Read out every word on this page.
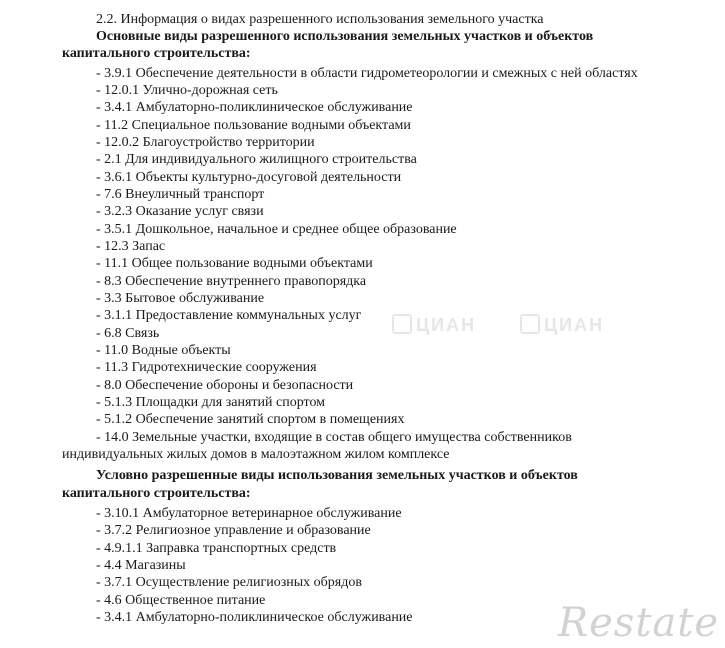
2.2. Информация о видах разрешенного использования земельного участка
Основные виды разрешенного использования земельных участков и объектов
капитального строительства:
- 3.9.1 Обеспечение деятельности в области гидрометеорологии и смежных с ней областях
- 12.0.1 Улично-дорожная сеть
- 3.4.1 Амбулаторно-поликлиническое обслуживание
- 11.2 Специальное пользование водными объектами
- 12.0.2 Благоустройство территории
- 2.1 Для индивидуального жилищного строительства
- 3.6.1 Объекты культурно-досуговой деятельности
- 7.6 Внеуличный транспорт
- 3.2.3 Оказание услуг связи
- 3.5.1 Дошкольное, начальное и среднее общее образование
- 12.3 Запас
- 11.1 Общее пользование водными объектами
- 8.3 Обеспечение внутреннего правопорядка
- 3.3 Бытовое обслуживание
- 3.1.1 Предоставление коммунальных услуг
- 6.8 Связь
- 11.0 Водные объекты
- 11.3 Гидротехнические сооружения
- 8.0 Обеспечение обороны и безопасности
- 5.1.3 Площадки для занятий спортом
- 5.1.2 Обеспечение занятий спортом в помещениях
- 14.0 Земельные участки, входящие в состав общего имущества собственников
индивидуальных жилых домов в малоэтажном жилом комплексе
Условно разрешенные виды использования земельных участков и объектов
капитального строительства:
- 3.10.1 Амбулаторное ветеринарное обслуживание
- 3.7.2 Религиозное управление и образование
- 4.9.1.1 Заправка транспортных средств
- 4.4 Магазины
- 3.7.1 Осуществление религиозных обрядов
- 4.6 Общественное питание
- 3.4.1 Амбулаторно-поликлиническое обслуживание
ЦИАН	ЦИАН
Restate
